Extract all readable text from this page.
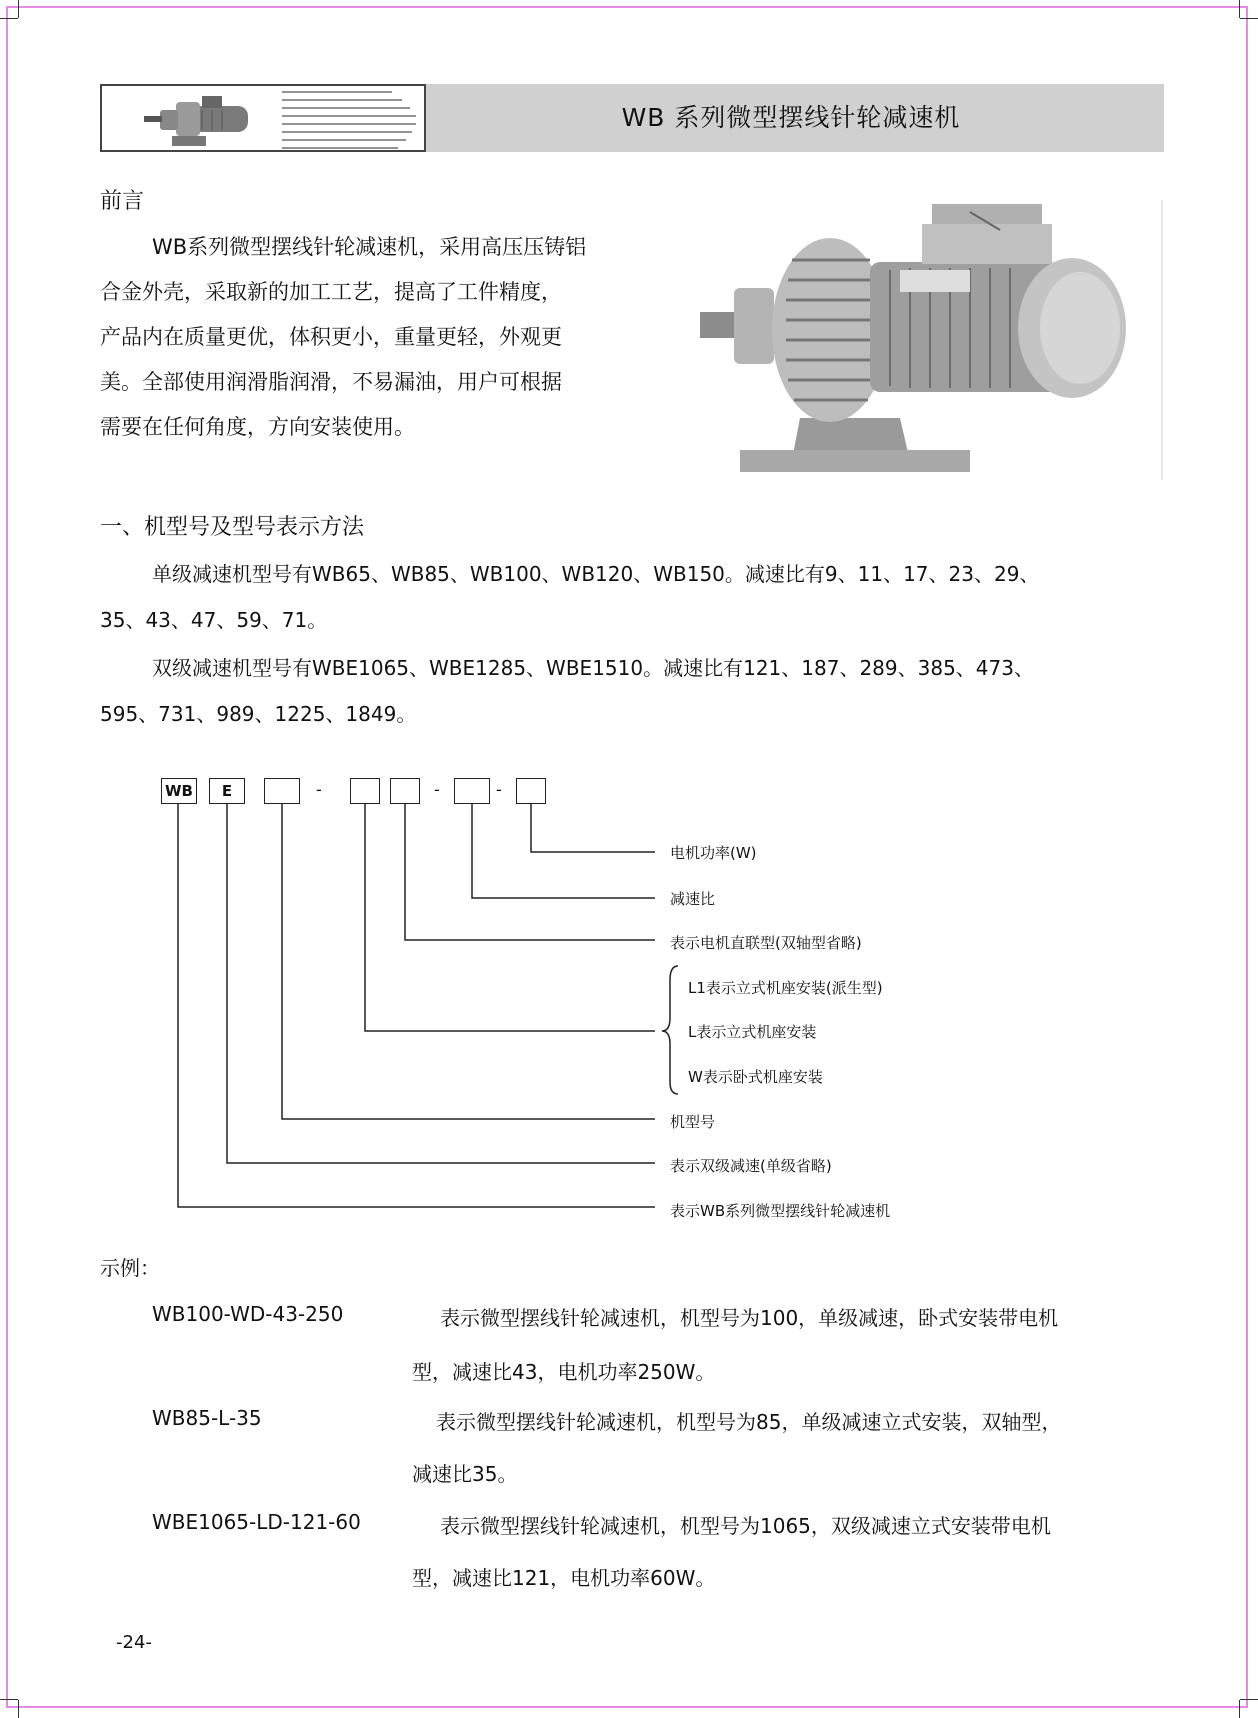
WB 系列微型摆线针轮减速机
前言
WB系列微型摆线针轮减速机，采用高压压铸铝
合金外壳，采取新的加工工艺，提高了工件精度，
产品内在质量更优，体积更小，重量更轻，外观更
美。全部使用润滑脂润滑，不易漏油，用户可根据
需要在任何角度，方向安装使用。
一、机型号及型号表示方法
单级减速机型号有WB65、WB85、WB100、WB120、WB150。减速比有9、11、17、23、29、
35、43、47、59、71。
双级减速机型号有WBE1065、WBE1285、WBE1510。减速比有121、187、289、385、473、
595、731、989、1225、1849。
WB	E	-	-	-
电机功率(W)
减速比
表示电机直联型(双轴型省略)
L1表示立式机座安装(派生型)
L表示立式机座安装
W表示卧式机座安装
机型号
表示双级减速(单级省略)
表示WB系列微型摆线针轮减速机
示例：
WB100-WD-43-250	表示微型摆线针轮减速机，机型号为100，单级减速，卧式安装带电机
型，减速比43，电机功率250W。
WB85-L-35	表示微型摆线针轮减速机，机型号为85，单级减速立式安装，双轴型，
减速比35。
WBE1065-LD-121-60	表示微型摆线针轮减速机，机型号为1065，双级减速立式安装带电机
型，减速比121，电机功率60W。
-24-
